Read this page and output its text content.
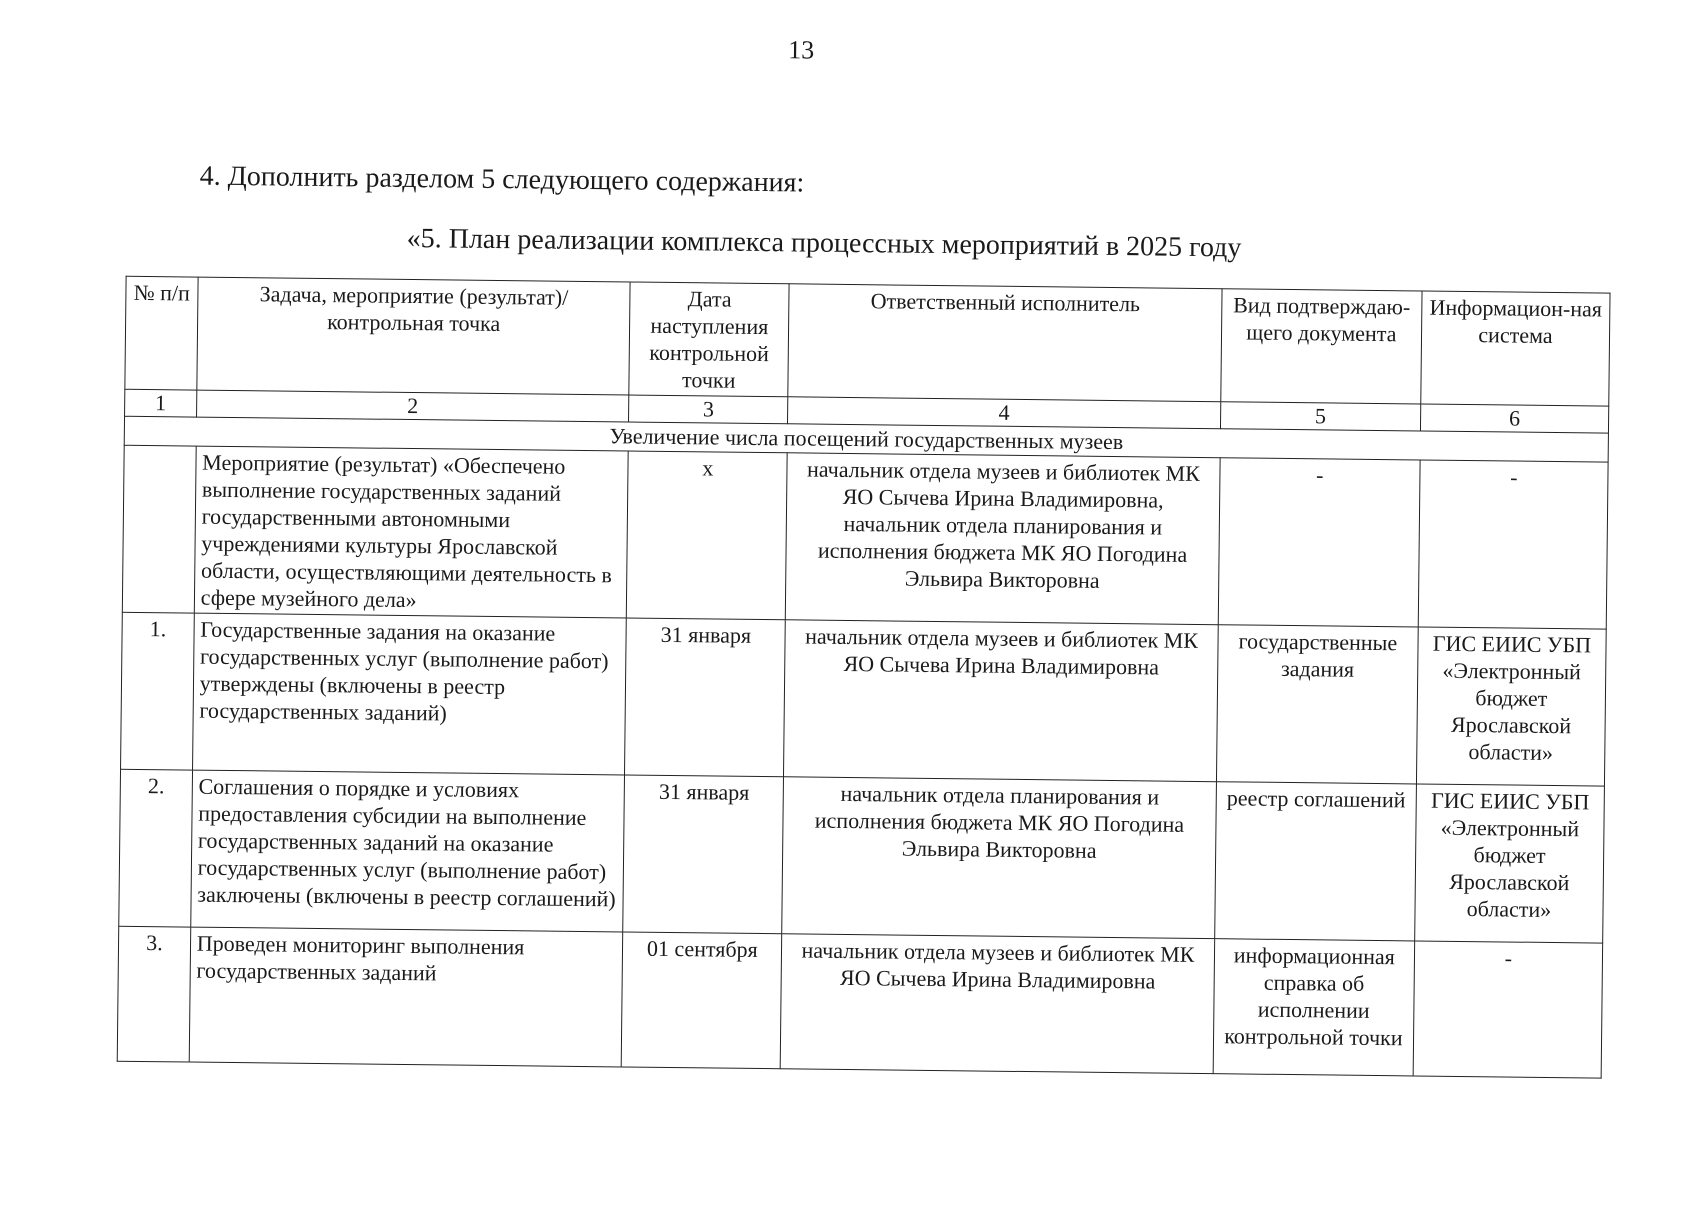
13
4. Дополнить разделом 5 следующего содержания:
«5. План реализации комплекса процессных мероприятий в 2025 году
№ п/п	Задача, мероприятие (результат)/ контрольная точка	Дата наступления контрольной точки	Ответственный исполнитель	Вид подтверждаю-щего документа	Информацион-ная система
1	2	3	4	5	6
Увеличение числа посещений государственных музеев					
	Мероприятие (результат) «Обеспечено выполнение государственных заданий государственными автономными учреждениями культуры Ярославской области, осуществляющими деятельность в сфере музейного дела»	х	начальник отдела музеев и библиотек МК ЯО Сычева Ирина Владимировна, начальник отдела планирования и исполнения бюджета МК ЯО Погодина Эльвира Викторовна	-	-
1.	Государственные задания на оказание государственных услуг (выполнение работ) утверждены (включены в реестр государственных заданий)	31 января	начальник отдела музеев и библиотек МК ЯО Сычева Ирина Владимировна	государственные задания	ГИС ЕИИС УБП «Электронный бюджет Ярославской области»
2.	Соглашения о порядке и условиях предоставления субсидии на выполнение государственных заданий на оказание государственных услуг (выполнение работ) заключены (включены в реестр соглашений)	31 января	начальник отдела планирования и исполнения бюджета МК ЯО Погодина Эльвира Викторовна	реестр соглашений	ГИС ЕИИС УБП «Электронный бюджет Ярославской области»
3.	Проведен мониторинг выполнения государственных заданий	01 сентября	начальник отдела музеев и библиотек МК ЯО Сычева Ирина Владимировна	информационная справка об исполнении контрольной точки	-
